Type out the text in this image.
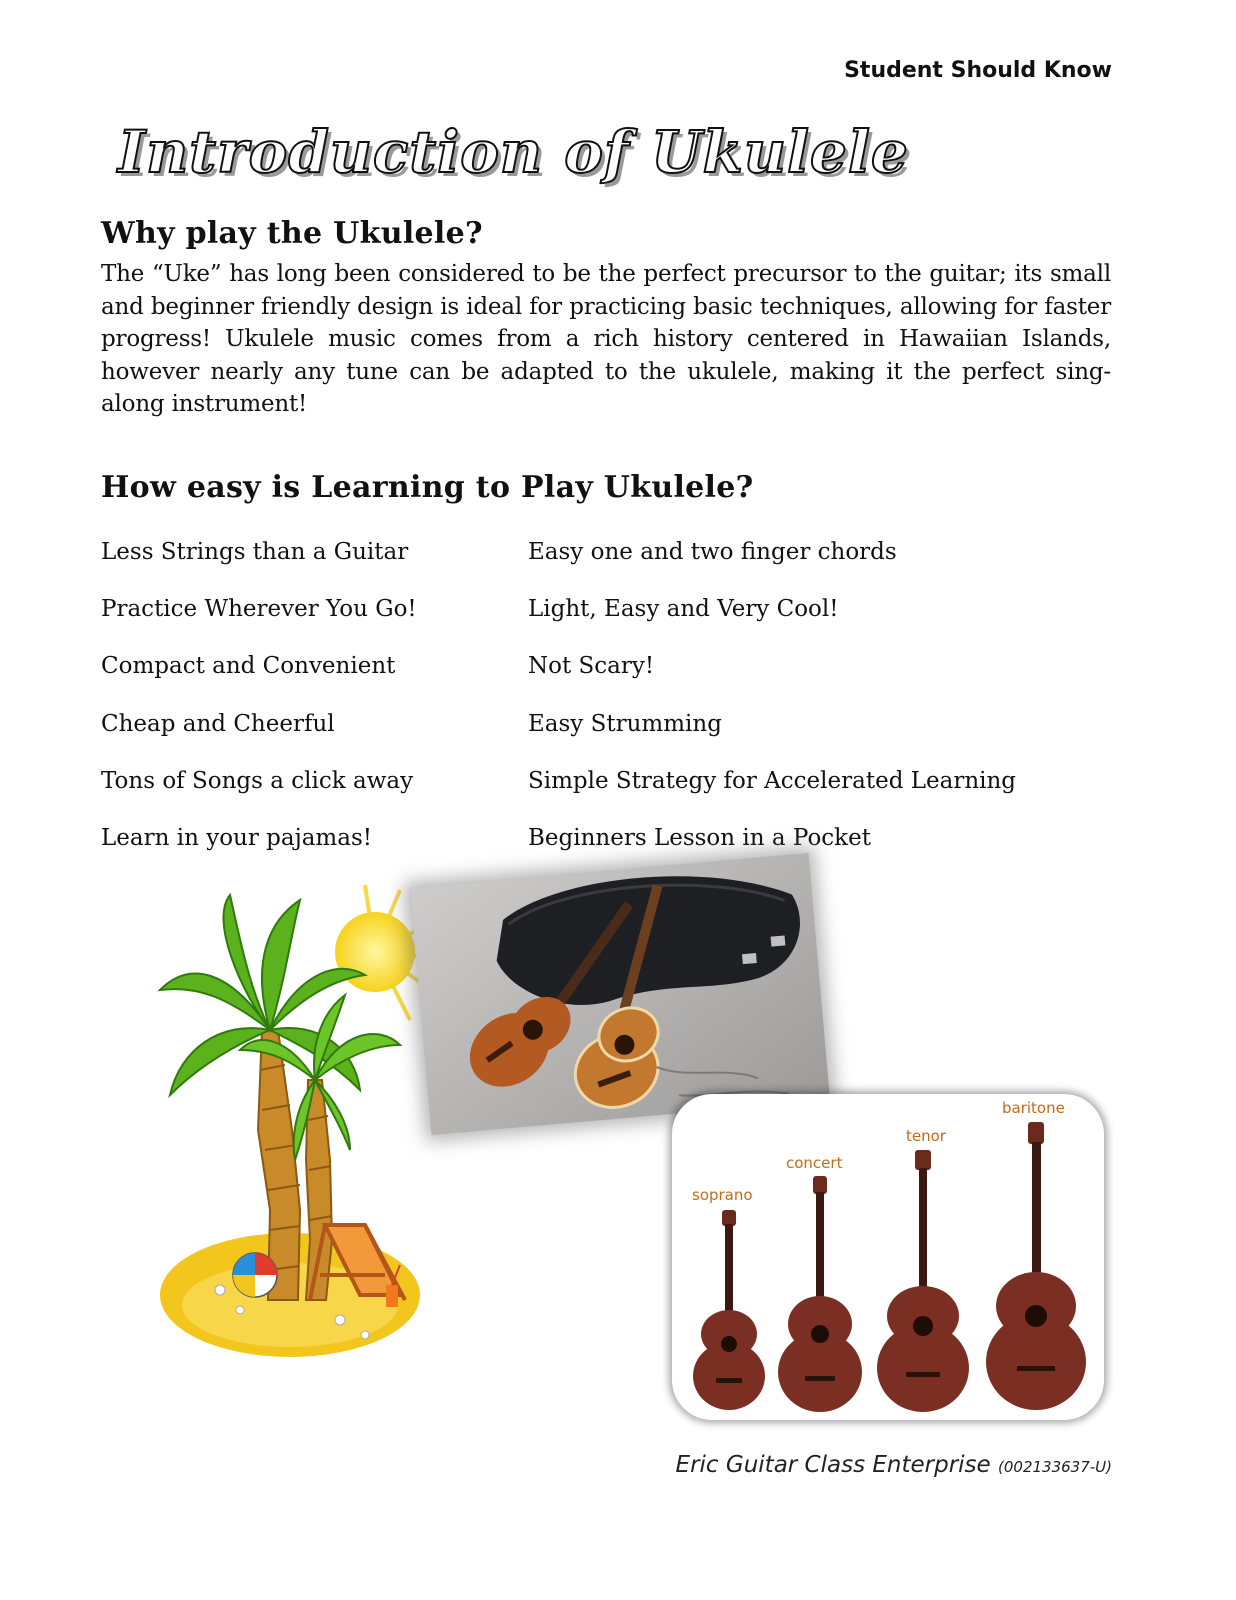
Student Should Know
Introduction of Ukulele
Why play the Ukulele?
The “Uke” has long been considered to be the perfect precursor to the guitar; its small and beginner friendly design is ideal for practicing basic techniques, allowing for faster progress! Ukulele music comes from a rich history centered in Hawaiian Islands, however nearly any tune can be adapted to the ukulele, making it the perfect sing-along instrument!
How easy is Learning to Play Ukulele?
Less Strings than a Guitar	Easy one and two finger chords
Practice Wherever You Go!	Light, Easy and Very Cool!
Compact and Convenient	Not Scary!
Cheap and Cheerful	Easy Strumming
Tons of Songs a click away	Simple Strategy for Accelerated Learning
Learn in your pajamas!	Beginners Lesson in a Pocket
soprano
concert
tenor
baritone
Eric Guitar Class Enterprise (002133637-U)
